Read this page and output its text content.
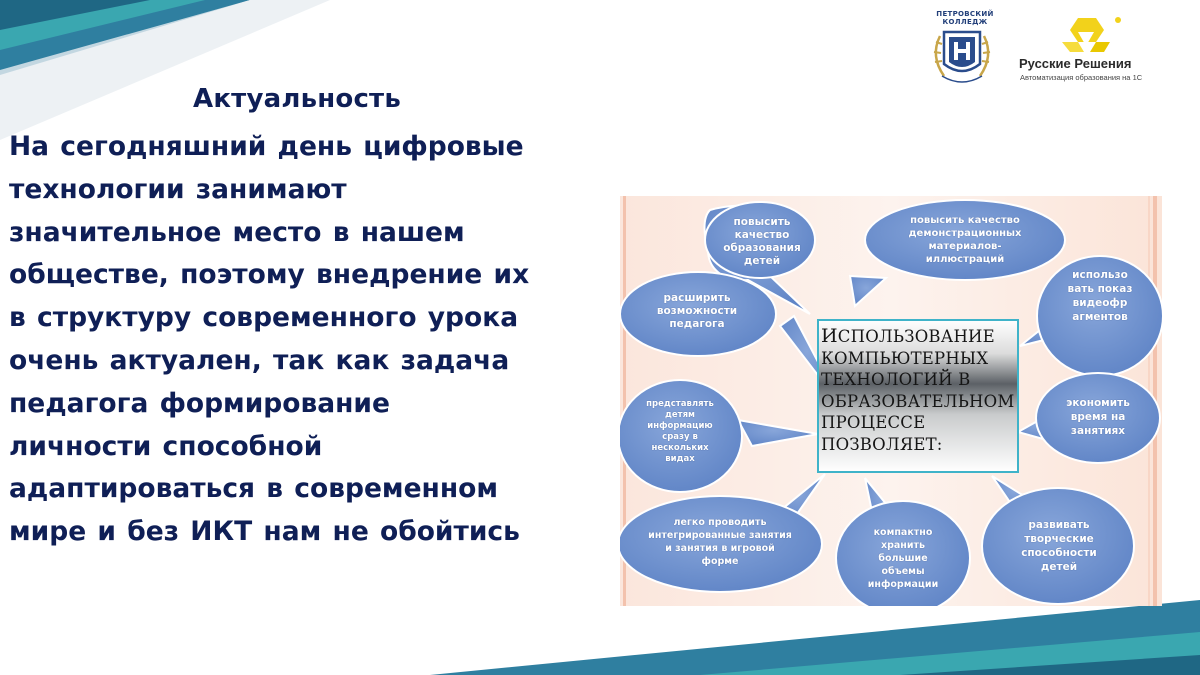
ПЕТРОВСКИЙ
КОЛЛЕДЖ
Русские Решения
Автоматизация образования на 1С
Актуальность
На сегодняшний день цифровые
технологии занимают
значительное место в нашем
обществе, поэтому внедрение их
в структуру современного урока
очень актуален, так как задача
педагога формирование
личности способной
адаптироваться в современном
мире и без ИКТ нам не обойтись
ИСПОЛЬЗОВАНИЕ КОМПЬЮТЕРНЫХ ТЕХНОЛОГИЙ В ОБРАЗОВАТЕЛЬНОМ ПРОЦЕССЕ ПОЗВОЛЯЕТ:
повысить качество образования детей
повысить качество демонстрационных материалов-иллюстраций
расширить возможности педагога
использо вать показ видеофр агментов
представлять детям информацию сразу в нескольких видах
экономить время на занятиях
легко проводить интегрированные занятия и занятия в игровой форме
компактно хранить большие объемы информации
развивать творческие способности детей
